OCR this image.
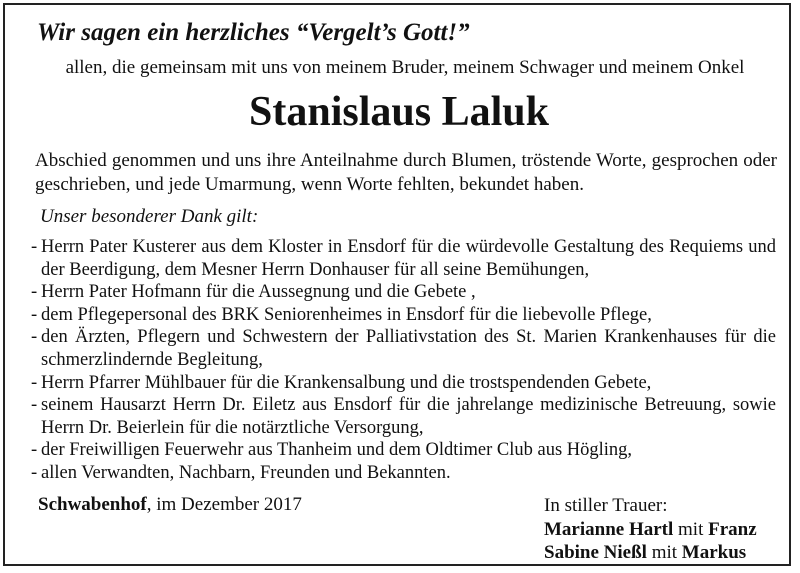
Wir sagen ein herzliches “Vergelt’s Gott!”
allen, die gemeinsam mit uns von meinem Bruder, meinem Schwager und meinem Onkel
Stanislaus Laluk
Abschied genommen und uns ihre Anteilnahme durch Blumen, tröstende Worte, gesprochen oder geschrieben, und jede Umarmung, wenn Worte fehlten, bekundet haben.
Unser besonderer Dank gilt:
- Herrn Pater Kusterer aus dem Kloster in Ensdorf für die würdevolle Gestaltung des Requiems und der Beerdigung, dem Mesner Herrn Donhauser für all seine Bemühungen,
- Herrn Pater Hofmann für die Aussegnung und die Gebete ,
- dem Pflegepersonal des BRK Seniorenheimes in Ensdorf für die liebevolle Pflege,
- den Ärzten, Pflegern und Schwestern der Palliativstation des St. Marien Krankenhauses für die schmerzlindernde Begleitung,
- Herrn Pfarrer Mühlbauer für die Krankensalbung und die trostspendenden Gebete,
- seinem Hausarzt Herrn Dr. Eiletz aus Ensdorf für die jahrelange medizinische Betreuung, sowie Herrn Dr. Beierlein für die notärztliche Versorgung,
- der Freiwilligen Feuerwehr aus Thanheim und dem Oldtimer Club aus Högling,
- allen Verwandten, Nachbarn, Freunden und Bekannten.
Schwabenhof, im Dezember 2017	In stiller Trauer:
Marianne Hartl mit Franz
Sabine Nießl mit Markus
